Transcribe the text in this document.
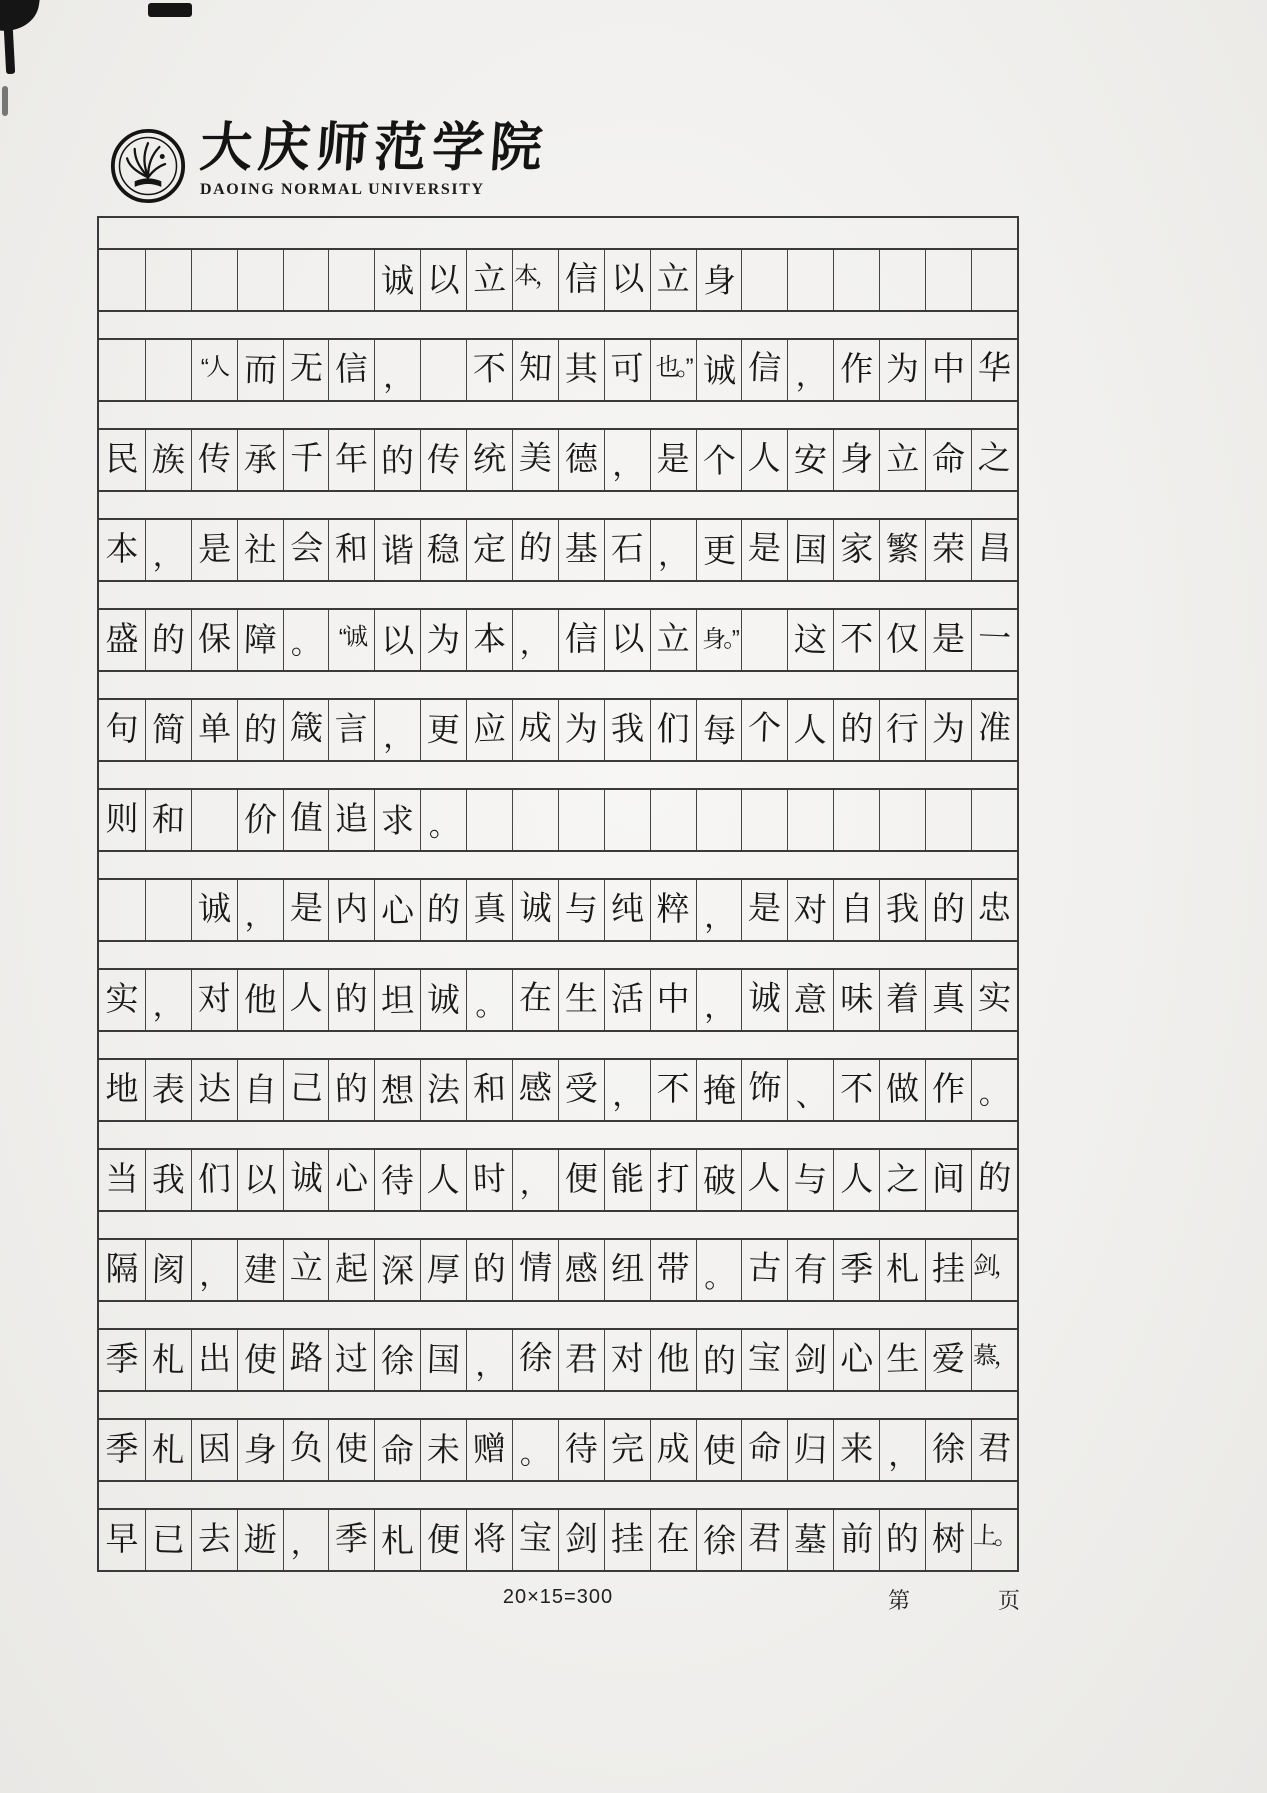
大庆师范学院
DAOING NORMAL UNIVERSITY
诚 以 立 本， 信 以 立 身
“人 而 无 信 ， 不 知 其 可 也。” 诚 信 ， 作 为 中 华
民 族 传 承 千 年 的 传 统 美 德 ， 是 个 人 安 身 立 命 之
本 ， 是 社 会 和 谐 稳 定 的 基 石 ， 更 是 国 家 繁 荣 昌
盛 的 保 障 。 “诚 以 为 本 ， 信 以 立 身。” 这 不 仅 是 一
句 简 单 的 箴 言 ， 更 应 成 为 我 们 每 个 人 的 行 为 准
则 和 价 值 追 求 。
诚 ， 是 内 心 的 真 诚 与 纯 粹 ， 是 对 自 我 的 忠
实 ， 对 他 人 的 坦 诚 。 在 生 活 中 ， 诚 意 味 着 真 实
地 表 达 自 己 的 想 法 和 感 受 ， 不 掩 饰 、 不 做 作 。
当 我 们 以 诚 心 待 人 时 ， 便 能 打 破 人 与 人 之 间 的
隔 阂 ， 建 立 起 深 厚 的 情 感 纽 带 。 古 有 季 札 挂 剑，
季 札 出 使 路 过 徐 国 ， 徐 君 对 他 的 宝 剑 心 生 爱 慕，
季 札 因 身 负 使 命 未 赠 。 待 完 成 使 命 归 来 ， 徐 君
早 已 去 逝 ， 季 札 便 将 宝 剑 挂 在 徐 君 墓 前 的 树 上。
20×15=300	第	页
